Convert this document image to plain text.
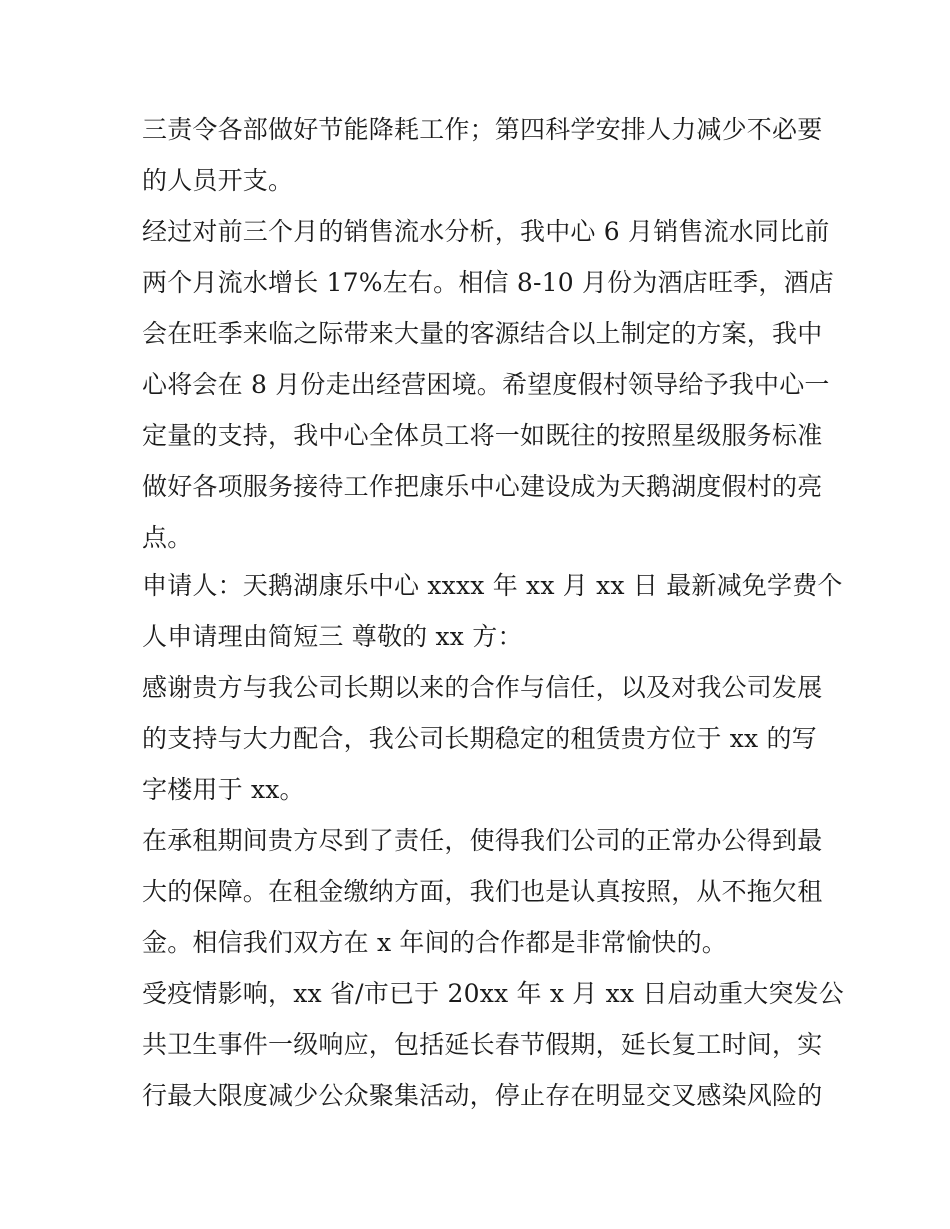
三责令各部做好节能降耗工作；第四科学安排人力减少不必要
的人员开支。
经过对前三个月的销售流水分析，我中心 6 月销售流水同比前
两个月流水增长 17%左右。相信 8-10 月份为酒店旺季，酒店
会在旺季来临之际带来大量的客源结合以上制定的方案，我中
心将会在 8 月份走出经营困境。希望度假村领导给予我中心一
定量的支持，我中心全体员工将一如既往的按照星级服务标准
做好各项服务接待工作把康乐中心建设成为天鹅湖度假村的亮
点。
申请人：天鹅湖康乐中心 xxxx 年 xx 月 xx 日 最新减免学费个
人申请理由简短三 尊敬的 xx 方：
感谢贵方与我公司长期以来的合作与信任，以及对我公司发展
的支持与大力配合，我公司长期稳定的租赁贵方位于 xx 的写
字楼用于 xx。
在承租期间贵方尽到了责任，使得我们公司的正常办公得到最
大的保障。在租金缴纳方面，我们也是认真按照，从不拖欠租
金。相信我们双方在 x 年间的合作都是非常愉快的。
受疫情影响，xx 省/市已于 20xx 年 x 月 xx 日启动重大突发公
共卫生事件一级响应，包括延长春节假期，延长复工时间，实
行最大限度减少公众聚集活动，停止存在明显交叉感染风险的
